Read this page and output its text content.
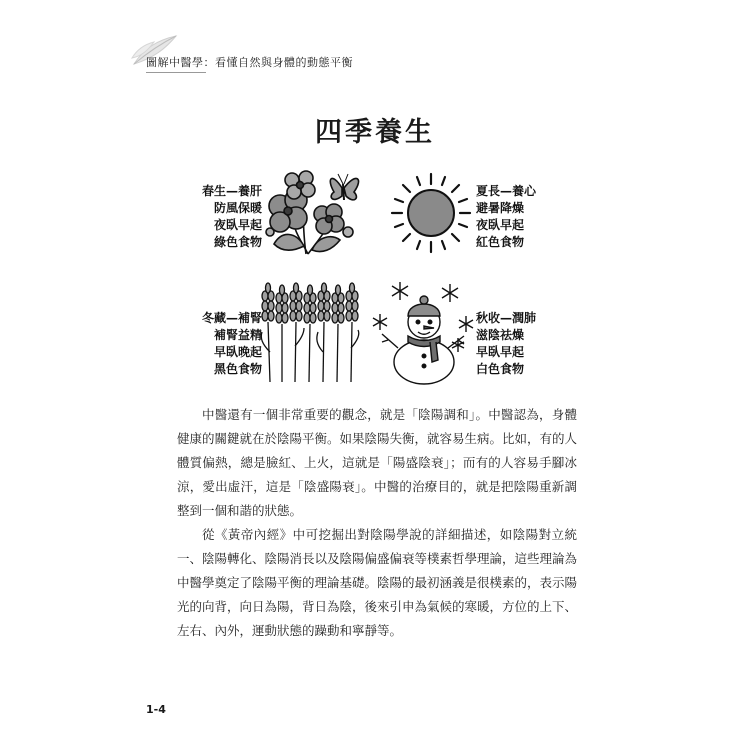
圖解中醫學：看懂自然與身體的動態平衡
四季養生
春生—養肝
防風保暖
夜臥早起
綠色食物
夏長—養心
避暑降燥
夜臥早起
紅色食物
冬藏—補腎
補腎益精
早臥晚起
黑色食物
秋收—潤肺
滋陰祛燥
早臥早起
白色食物
中醫還有一個非常重要的觀念，就是「陰陽調和」。中醫認為，身體健康的關鍵就在於陰陽平衡。如果陰陽失衡，就容易生病。比如，有的人體質偏熱，總是臉紅、上火，這就是「陽盛陰衰」；而有的人容易手腳冰涼，愛出虛汗，這是「陰盛陽衰」。中醫的治療目的，就是把陰陽重新調整到一個和諧的狀態。
從《黃帝內經》中可挖掘出對陰陽學說的詳細描述，如陰陽對立統一、陰陽轉化、陰陽消長以及陰陽偏盛偏衰等樸素哲學理論，這些理論為中醫學奠定了陰陽平衡的理論基礎。陰陽的最初涵義是很樸素的，表示陽光的向背，向日為陽，背日為陰，後來引申為氣候的寒暖，方位的上下、左右、內外，運動狀態的躁動和寧靜等。
1-4
